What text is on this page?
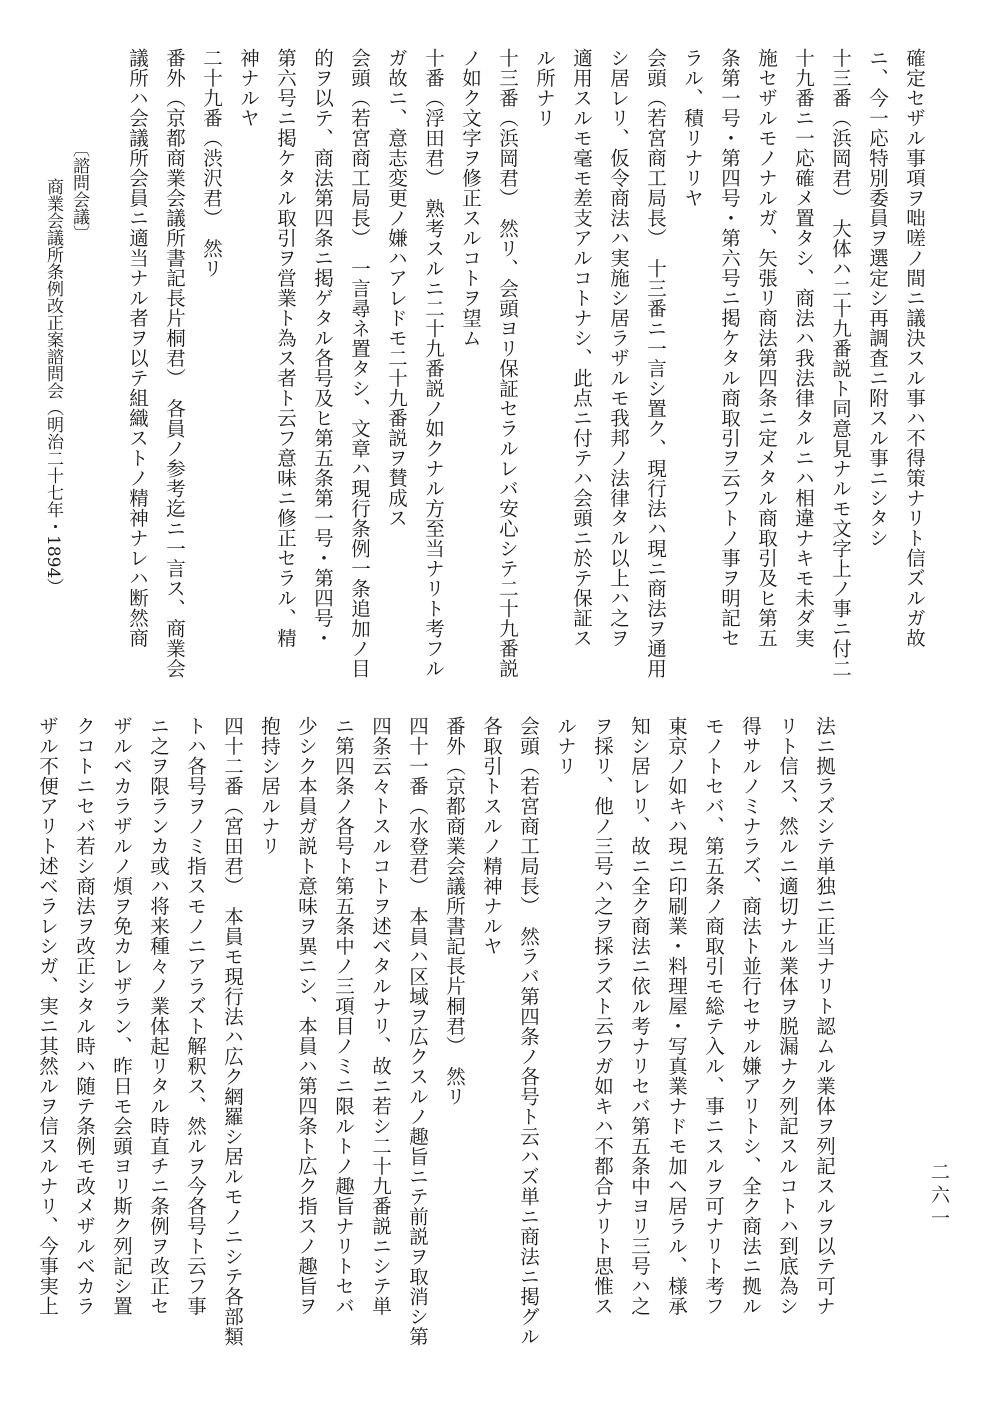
確定セザル事項ヲ咄嗟ノ間ニ議決スル事ハ不得策ナリト信ズルガ故
ニ、今一応特別委員ヲ選定シ再調査ニ附スル事ニシタシ
十三番（浜岡君）　大体ハ二十九番説ト同意見ナルモ文字上ノ事ニ付二
十九番ニ一応確メ置タシ、商法ハ我法律タルニハ相違ナキモ未ダ実
施セザルモノナルガ、矢張リ商法第四条ニ定メタル商取引及ヒ第五
条第一号・第四号・第六号ニ掲ケタル商取引ヲ云フトノ事ヲ明記セ
ラル、積リナリヤ
会頭（若宮商工局長）　十三番ニ一言シ置ク、現行法ハ現ニ商法ヲ通用
シ居レリ、仮令商法ハ実施シ居ラザルモ我邦ノ法律タル以上ハ之ヲ
適用スルモ毫モ差支アルコトナシ、此点ニ付テハ会頭ニ於テ保証ス
ル所ナリ
十三番（浜岡君）　然リ、会頭ヨリ保証セラルレバ安心シテ二十九番説
ノ如ク文字ヲ修正スルコトヲ望ム
十番（浮田君）　熟考スルニ二十九番説ノ如クナル方至当ナリト考フル
ガ故ニ、意志変更ノ嫌ハアレドモ二十九番説ヲ賛成ス
会頭（若宮商工局長）　一言尋ネ置タシ、文章ハ現行条例一条追加ノ目
的ヲ以テ、商法第四条ニ掲ゲタル各号及ヒ第五条第一号・第四号・
第六号ニ掲ケタル取引ヲ営業ト為ス者ト云フ意味ニ修正セラル、精
神ナルヤ
二十九番（渋沢君）　然リ
番外（京都商業会議所書記長片桐君）　各員ノ参考迄ニ一言ス、商業会
議所ハ会議所会員ニ適当ナル者ヲ以テ組織ストノ精神ナレハ断然商
法ニ拠ラズシテ単独ニ正当ナリト認ムル業体ヲ列記スルヲ以テ可ナ
リト信ス、然ルニ適切ナル業体ヲ脱漏ナク列記スルコトハ到底為シ
得サルノミナラズ、商法ト並行セサル嫌アリトシ、全ク商法ニ拠ル
モノトセバ、第五条ノ商取引モ総テ入ル、事ニスルヲ可ナリト考フ
東京ノ如キハ現ニ印刷業・料理屋・写真業ナドモ加ヘ居ラル、様承
知シ居レリ、故ニ全ク商法ニ依ル考ナリセバ第五条中ヨリ三号ハ之
ヲ採リ、他ノ三号ハ之ヲ採ラズト云フガ如キハ不都合ナリト思惟ス
ルナリ
会頭（若宮商工局長）　然ラバ第四条ノ各号ト云ハズ単ニ商法ニ掲グル
各取引トスルノ精神ナルヤ
番外（京都商業会議所書記長片桐君）　然リ
四十一番（水登君）　本員ハ区域ヲ広クスルノ趣旨ニテ前説ヲ取消シ第
四条云々トスルコトヲ述ベタルナリ、故ニ若シ二十九番説ニシテ単
ニ第四条ノ各号ト第五条中ノ三項目ノミニ限ルトノ趣旨ナリトセバ
少シク本員ガ説ト意味ヲ異ニシ、本員ハ第四条ト広ク指スノ趣旨ヲ
抱持シ居ルナリ
四十二番（宮田君）　本員モ現行法ハ広ク網羅シ居ルモノニシテ各部類
トハ各号ヲノミ指スモノニアラズト解釈ス、然ルヲ今各号ト云フ事
ニ之ヲ限ランカ或ハ将来種々ノ業体起リタル時直チニ条例ヲ改正セ
ザルベカラザルノ煩ヲ免カレザラン、昨日モ会頭ヨリ斯ク列記シ置
クコトニセバ若シ商法ヲ改正シタル時ハ随テ条例モ改メザルベカラ
ザル不便アリト述ベラレシガ、実ニ其然ルヲ信スルナリ、今事実上
〔諮問会議〕
商業会議所条例改正案諮問会（明治二十七年・1894）
二六一
